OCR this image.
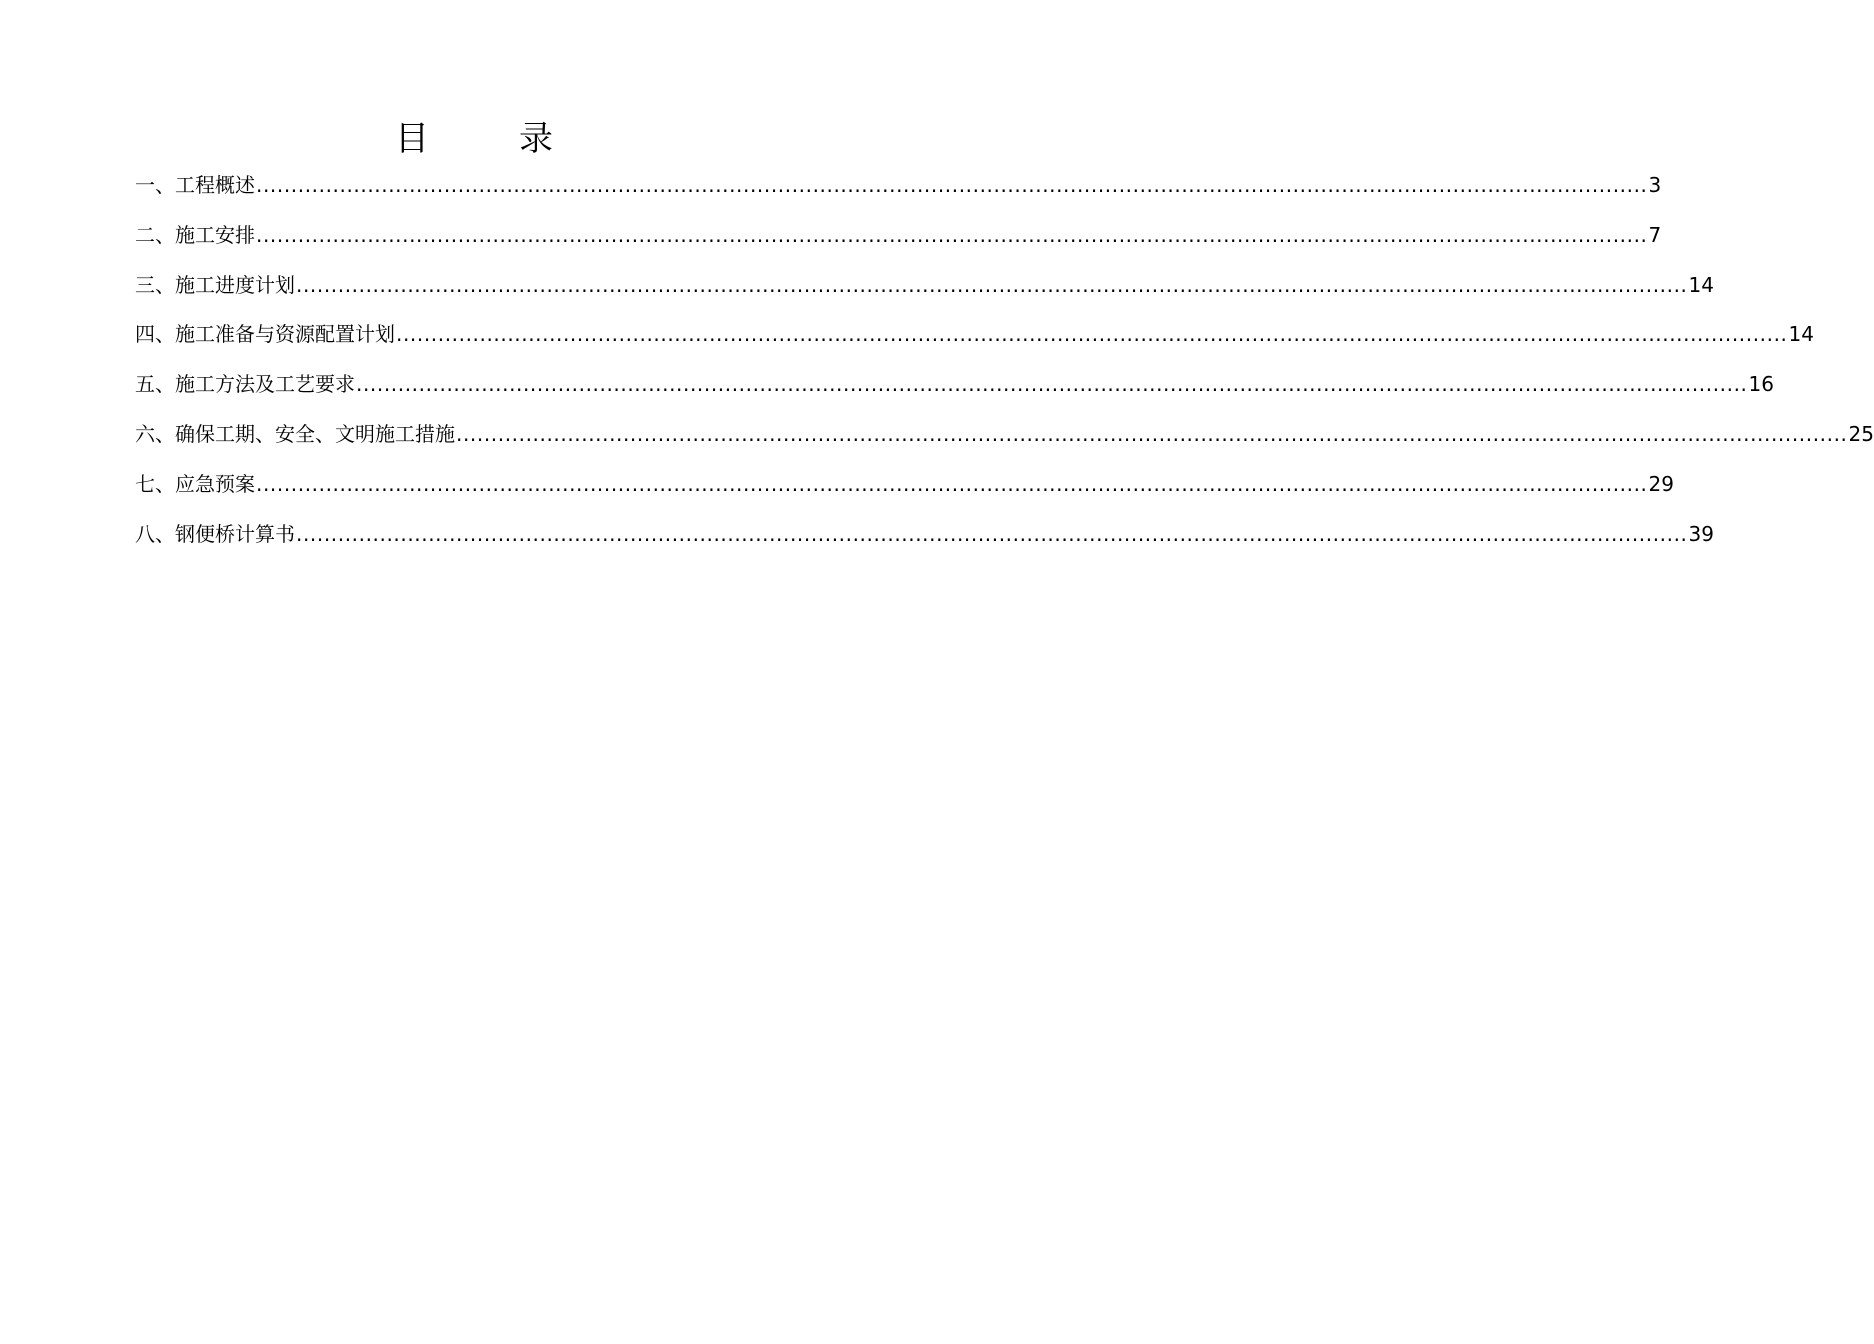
目　录
一、工程概述 ........................................................................................................................................................................................................ 3
二、施工安排 ........................................................................................................................................................................................................ 7
三、施工进度计划 ........................................................................................................................................................................................................ 14
四、施工准备与资源配置计划 ........................................................................................................................................................................................................ 14
五、施工方法及工艺要求 ........................................................................................................................................................................................................ 16
六、确保工期、安全、文明施工措施 ........................................................................................................................................................................................................ 25
七、应急预案 ........................................................................................................................................................................................................ 29
八、钢便桥计算书 ........................................................................................................................................................................................................ 39
